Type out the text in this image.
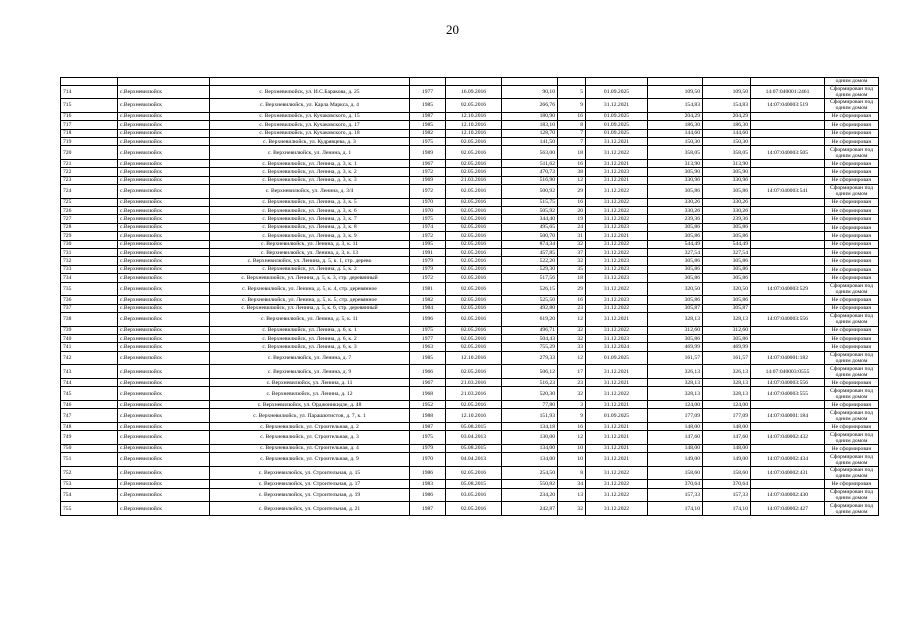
20
											одним домом
714	с.Верхневилюйск	с. Верхневилюйск, ул. И.С.Баракова, д. 25	1977	16.09.2016	90,10	5	01.09.2025	109,50	109,50	14:07:040001:2461	Сформирован под одним домом
715	с.Верхневилюйск	с. Верхневилюйск, ул. Карла Маркса, д. 4	1985	02.05.2016	266,76	9	31.12.2021	154,83	154,83	14:07:040003:519	Сформирован под одним домом
716	с.Верхневилюйск	с. Верхневилюйск, ул. Кучаковского, д. 15	1987	12.10.2016	180,90	16	01.09.2025	204,29	204,29		Не сформирован
717	с.Верхневилюйск	с. Верхневилюйск, ул. Кучаковского, д. 17	1985	12.10.2016	183,10	8	01.09.2025	186,30	186,30		Не сформирован
718	с.Верхневилюйск	с. Верхневилюйск, ул. Кучаковского, д. 18	1982	12.10.2016	128,70	7	01.09.2025	144,60	144,60		Не сформирован
719	с.Верхневилюйск	с. Верхневилюйск, ул. Кудрявцева, д. 3	1975	02.05.2016	141,50	7	31.12.2021	150,30	150,30		Не сформирован
720	с.Верхневилюйск	с. Верхневилюйск, ул. Ленина, д. 1	1989	02.05.2016	563,00	18	31.12.2022	358,05	358,05	14:07:040003:505	Сформирован под одним домом
721	с.Верхневилюйск	с. Верхневилюйск, ул. Ленина, д. 3, к. 1	1967	02.05.2016	511,62	16	31.12.2021	313,90	313,90		Не сформирован
722	с.Верхневилюйск	с. Верхневилюйск, ул. Ленина, д. 3, к. 2	1972	02.05.2016	470,73	38	31.12.2023	305,90	305,90		Не сформирован
723	с.Верхневилюйск	с. Верхневилюйск, ул. Ленина, д. 3, к. 3	1969	21.03.2016	516,90	12	31.12.2021	330,96	330,96		Не сформирован
724	с.Верхневилюйск	с. Верхневилюйск, ул. Ленина, д. 3/4	1972	02.05.2016	500,92	29	31.12.2022	305,86	305,86	14:07:040003:541	Сформирован под одним домом
725	с.Верхневилюйск	с. Верхневилюйск, ул. Ленина, д. 3, к. 5	1970	02.05.2016	515,75	16	31.12.2022	330,26	330,26		Не сформирован
726	с.Верхневилюйск	с. Верхневилюйск, ул. Ленина, д. 3, к. 6	1970	02.05.2016	505,92	20	31.12.2022	330,26	330,26		Не сформирован
727	с.Верхневилюйск	с. Верхневилюйск, ул. Ленина, д. 3, к. 7	1975	02.05.2016	344,40	19	31.12.2022	239,36	239,36		Не сформирован
728	с.Верхневилюйск	с. Верхневилюйск, ул. Ленина, д. 3, к. 8	1974	02.05.2016	495,65	24	31.12.2023	305,86	305,86		Не сформирован
729	с.Верхневилюйск	с. Верхневилюйск, ул. Ленина, д. 3, к. 9	1972	02.05.2016	500,70	31	31.12.2021	305,86	305,86		Не сформирован
730	с.Верхневилюйск	с. Верхневилюйск, ул. Ленина, д. 3, к. 11	1995	02.05.2016	874,34	32	31.12.2022	544,49	544,49		Не сформирован
731	с.Верхневилюйск	с. Верхневилюйск, ул. Ленина, д. 3, к. 13	1991	02.05.2016	457,85	37	31.12.2022	327,54	327,54		Не сформирован
732	с.Верхневилюйск	с. Верхневилюйск, ул. Ленина, д. 5, к. 1, стр. дерево	1979	02.05.2016	522,20	32	31.12.2023	305,86	305,86		Не сформирован
733	с.Верхневилюйск	с. Верхневилюйск, ул. Ленина, д. 5, к. 2	1979	02.05.2016	529,30	35	31.12.2023	305,86	305,86		Не сформирован
734	с.Верхневилюйск	с. Верхневилюйск, ул. Ленина, д. 5, к. 3, стр. деревянный	1972	02.05.2016	517,56	18	31.12.2023	305,86	305,86		Не сформирован
735	с.Верхневилюйск	с. Верхневилюйск, ул. Ленина, д. 5, к. 4, стр. деревянное	1981	02.05.2016	526,15	29	31.12.2022	320,50	320,50	14:07:040003:529	Сформирован под одним домом
736	с.Верхневилюйск	с. Верхневилюйск, ул. Ленина, д. 5, к. 5, стр. деревянное	1982	02.05.2016	525,50	16	31.12.2023	305,86	305,86		Не сформирован
737	с.Верхневилюйск	с. Верхневилюйск, ул. Ленина, д. 5, к. 6, стр. деревянный	1984	02.05.2016	492,80	23	31.12.2022	305,87	305,87		Не сформирован
738	с.Верхневилюйск	с. Верхневилюйск, ул. Ленина, д. 5, к. 11	1996	02.05.2016	619,20	12	31.12.2021	328,13	328,13	14:07:040003:556	Сформирован под одним домом
739	с.Верхневилюйск	с. Верхневилюйск, ул. Ленина, д. 6, к. 1	1975	02.05.2016	496,71	32	31.12.2022	312,60	312,60		Не сформирован
740	с.Верхневилюйск	с. Верхневилюйск, ул. Ленина, д. 6, к. 2	1977	02.05.2016	504,43	32	31.12.2023	305,86	305,86		Не сформирован
741	с.Верхневилюйск	с. Верхневилюйск, ул. Ленина, д. 6, к. 3	1963	02.05.2016	755,29	33	31.12.2024	469,99	469,99		Не сформирован
742	с.Верхневилюйск	с. Верхневилюйск, ул. Ленина, д. 7	1985	12.10.2016	279,33	12	01.09.2025	161,57	161,57	14:07:040001:182	Сформирован под одним домом
743	с.Верхневилюйск	с. Верхневилюйск, ул. Ленина, д. 9	1966	02.05.2016	506,12	17	31.12.2021	326,13	326,13	14:07:040003:0555	Сформирован под одним домом
744	с.Верхневилюйск	с. Верхневилюйск, ул. Ленина, д. 11	1967	21.03.2016	516,23	23	31.12.2021	328,13	328,13	14:07:040003:556	Не сформирован
745	с.Верхневилюйск	с. Верхневилюйск, ул. Ленина, д. 12	1968	21.03.2016	520,30	32	31.12.2022	328,13	328,13	14:07:040003:555	Сформирован под одним домом
746	с.Верхневилюйск	с. Верхневилюйск, ул. Орджоникидзе, д. 48	1952	02.05.2016	77,80	3	31.12.2021	124,00	124,00		Не сформирован
747	с.Верхневилюйск	с. Верхневилюйск, ул. Парашютистов, д. 7, к. 1	1988	12.10.2016	151,93	9	01.09.2025	177,09	177,09	14:07:040001:184	Сформирован под одним домом
748	с.Верхневилюйск	с. Верхневилюйск, ул. Строительная, д. 2	1987	05.08.2015	134,18	16	31.12.2021	148,00	148,00		Не сформирован
749	с.Верхневилюйск	с. Верхневилюйск, ул. Строительная, д. 3	1975	03.04.2013	130,00	12	31.12.2021	147,60	147,60	14:07:040002:432	Сформирован под одним домом
750	с.Верхневилюйск	с. Верхневилюйск, ул. Строительная, д. 4	1979	05.08.2015	134,00	10	31.12.2021	148,00	148,00		Не сформирован
751	с.Верхневилюйск	с. Верхневилюйск, ул. Строительная, д. 9	1970	04.04.2013	134,00	10	31.12.2021	149,00	149,00	14:07:040002:434	Сформирован под одним домом
752	с.Верхневилюйск	с. Верхневилюйск, ул. Строительная, д. 15	1986	02.05.2016	254,50	8	31.12.2022	158,60	158,60	14:07:040002:431	Сформирован под одним домом
753	с.Верхневилюйск	с. Верхневилюйск, ул. Строительная, д. 17	1983	05.08.2015	550,82	34	31.12.2022	370,64	370,64		Не сформирован
754	с.Верхневилюйск	с. Верхневилюйск, ул. Строительная, д. 19	1986	03.05.2016	234,20	13	31.12.2022	157,33	157,33	14:07:040002:430	Сформирован под одним домом
755	с.Верхневилюйск	с. Верхневилюйск, ул. Строительная, д. 21	1987	02.05.2016	242,87	32	31.12.2022	174,10	174,10	14:07:040002:427	Сформирован под одним домом
